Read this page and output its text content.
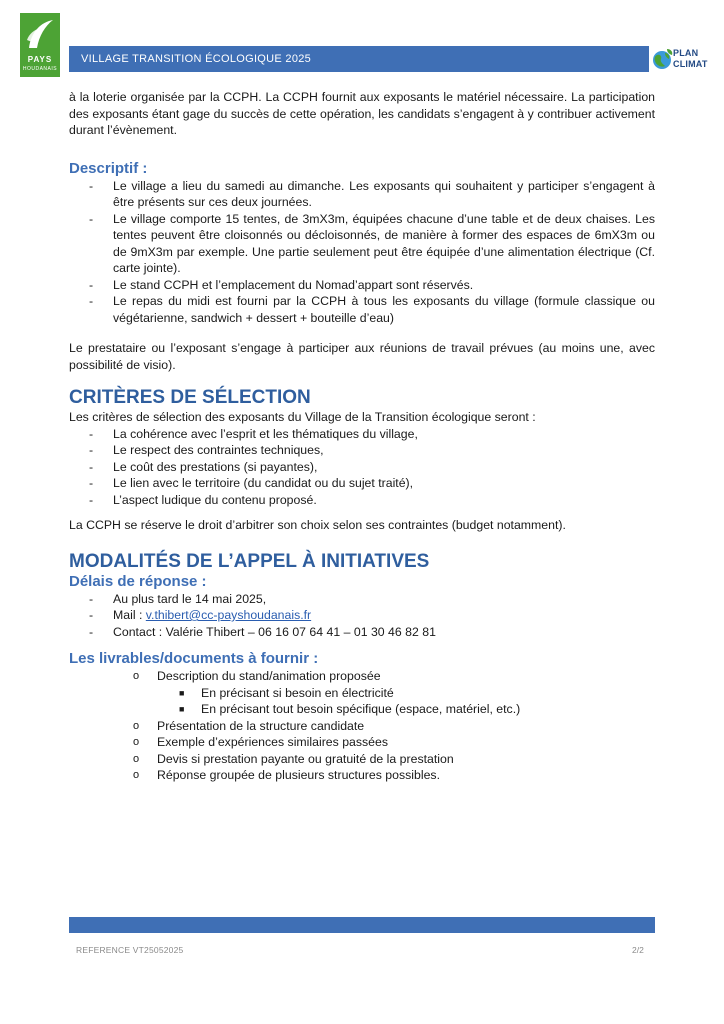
PAYS
HOUDANAIS
VILLAGE TRANSITION ÉCOLOGIQUE 2025	PLAN
CLIMAT

à la loterie organisée par la CCPH. La CCPH fournit aux exposants le matériel nécessaire. La participation des exposants étant gage du succès de cette opération, les candidats s’engagent à y contribuer activement durant l’évènement.

Descriptif :
- Le village a lieu du samedi au dimanche. Les exposants qui souhaitent y participer s’engagent à être présents sur ces deux journées.
- Le village comporte 15 tentes, de 3mX3m, équipées chacune d’une table et de deux chaises. Les tentes peuvent être cloisonnés ou décloisonnés, de manière à former des espaces de 6mX3m ou de 9mX3m par exemple. Une partie seulement peut être équipée d’une alimentation électrique (Cf. carte jointe).
- Le stand CCPH et l’emplacement du Nomad’appart sont réservés.
- Le repas du midi est fourni par la CCPH à tous les exposants du village (formule classique ou végétarienne, sandwich + dessert + bouteille d’eau)

Le prestataire ou l’exposant s’engage à participer aux réunions de travail prévues (au moins une, avec possibilité de visio).

CRITÈRES DE SÉLECTION

Les critères de sélection des exposants du Village de la Transition écologique seront :

- La cohérence avec l’esprit et les thématiques du village,
- Le respect des contraintes techniques,
- Le coût des prestations (si payantes),
- Le lien avec le territoire (du candidat ou du sujet traité),
- L’aspect ludique du contenu proposé.

La CCPH se réserve le droit d’arbitrer son choix selon ses contraintes (budget notamment).

MODALITÉS DE L’APPEL À INITIATIVES
Délais de réponse :
- Au plus tard le 14 mai 2025,
- Mail : v.thibert@cc-payshoudanais.fr
- Contact : Valérie Thibert – 06 16 07 64 41 – 01 30 46 82 81
Les livrables/documents à fournir :
o Description du stand/animation proposée
■ En précisant si besoin en électricité
■ En précisant tout besoin spécifique (espace, matériel, etc.)
o Présentation de la structure candidate
o Exemple d’expériences similaires passées
o Devis si prestation payante ou gratuité de la prestation
o Réponse groupée de plusieurs structures possibles.
REFERENCE VT25052025	2/2
